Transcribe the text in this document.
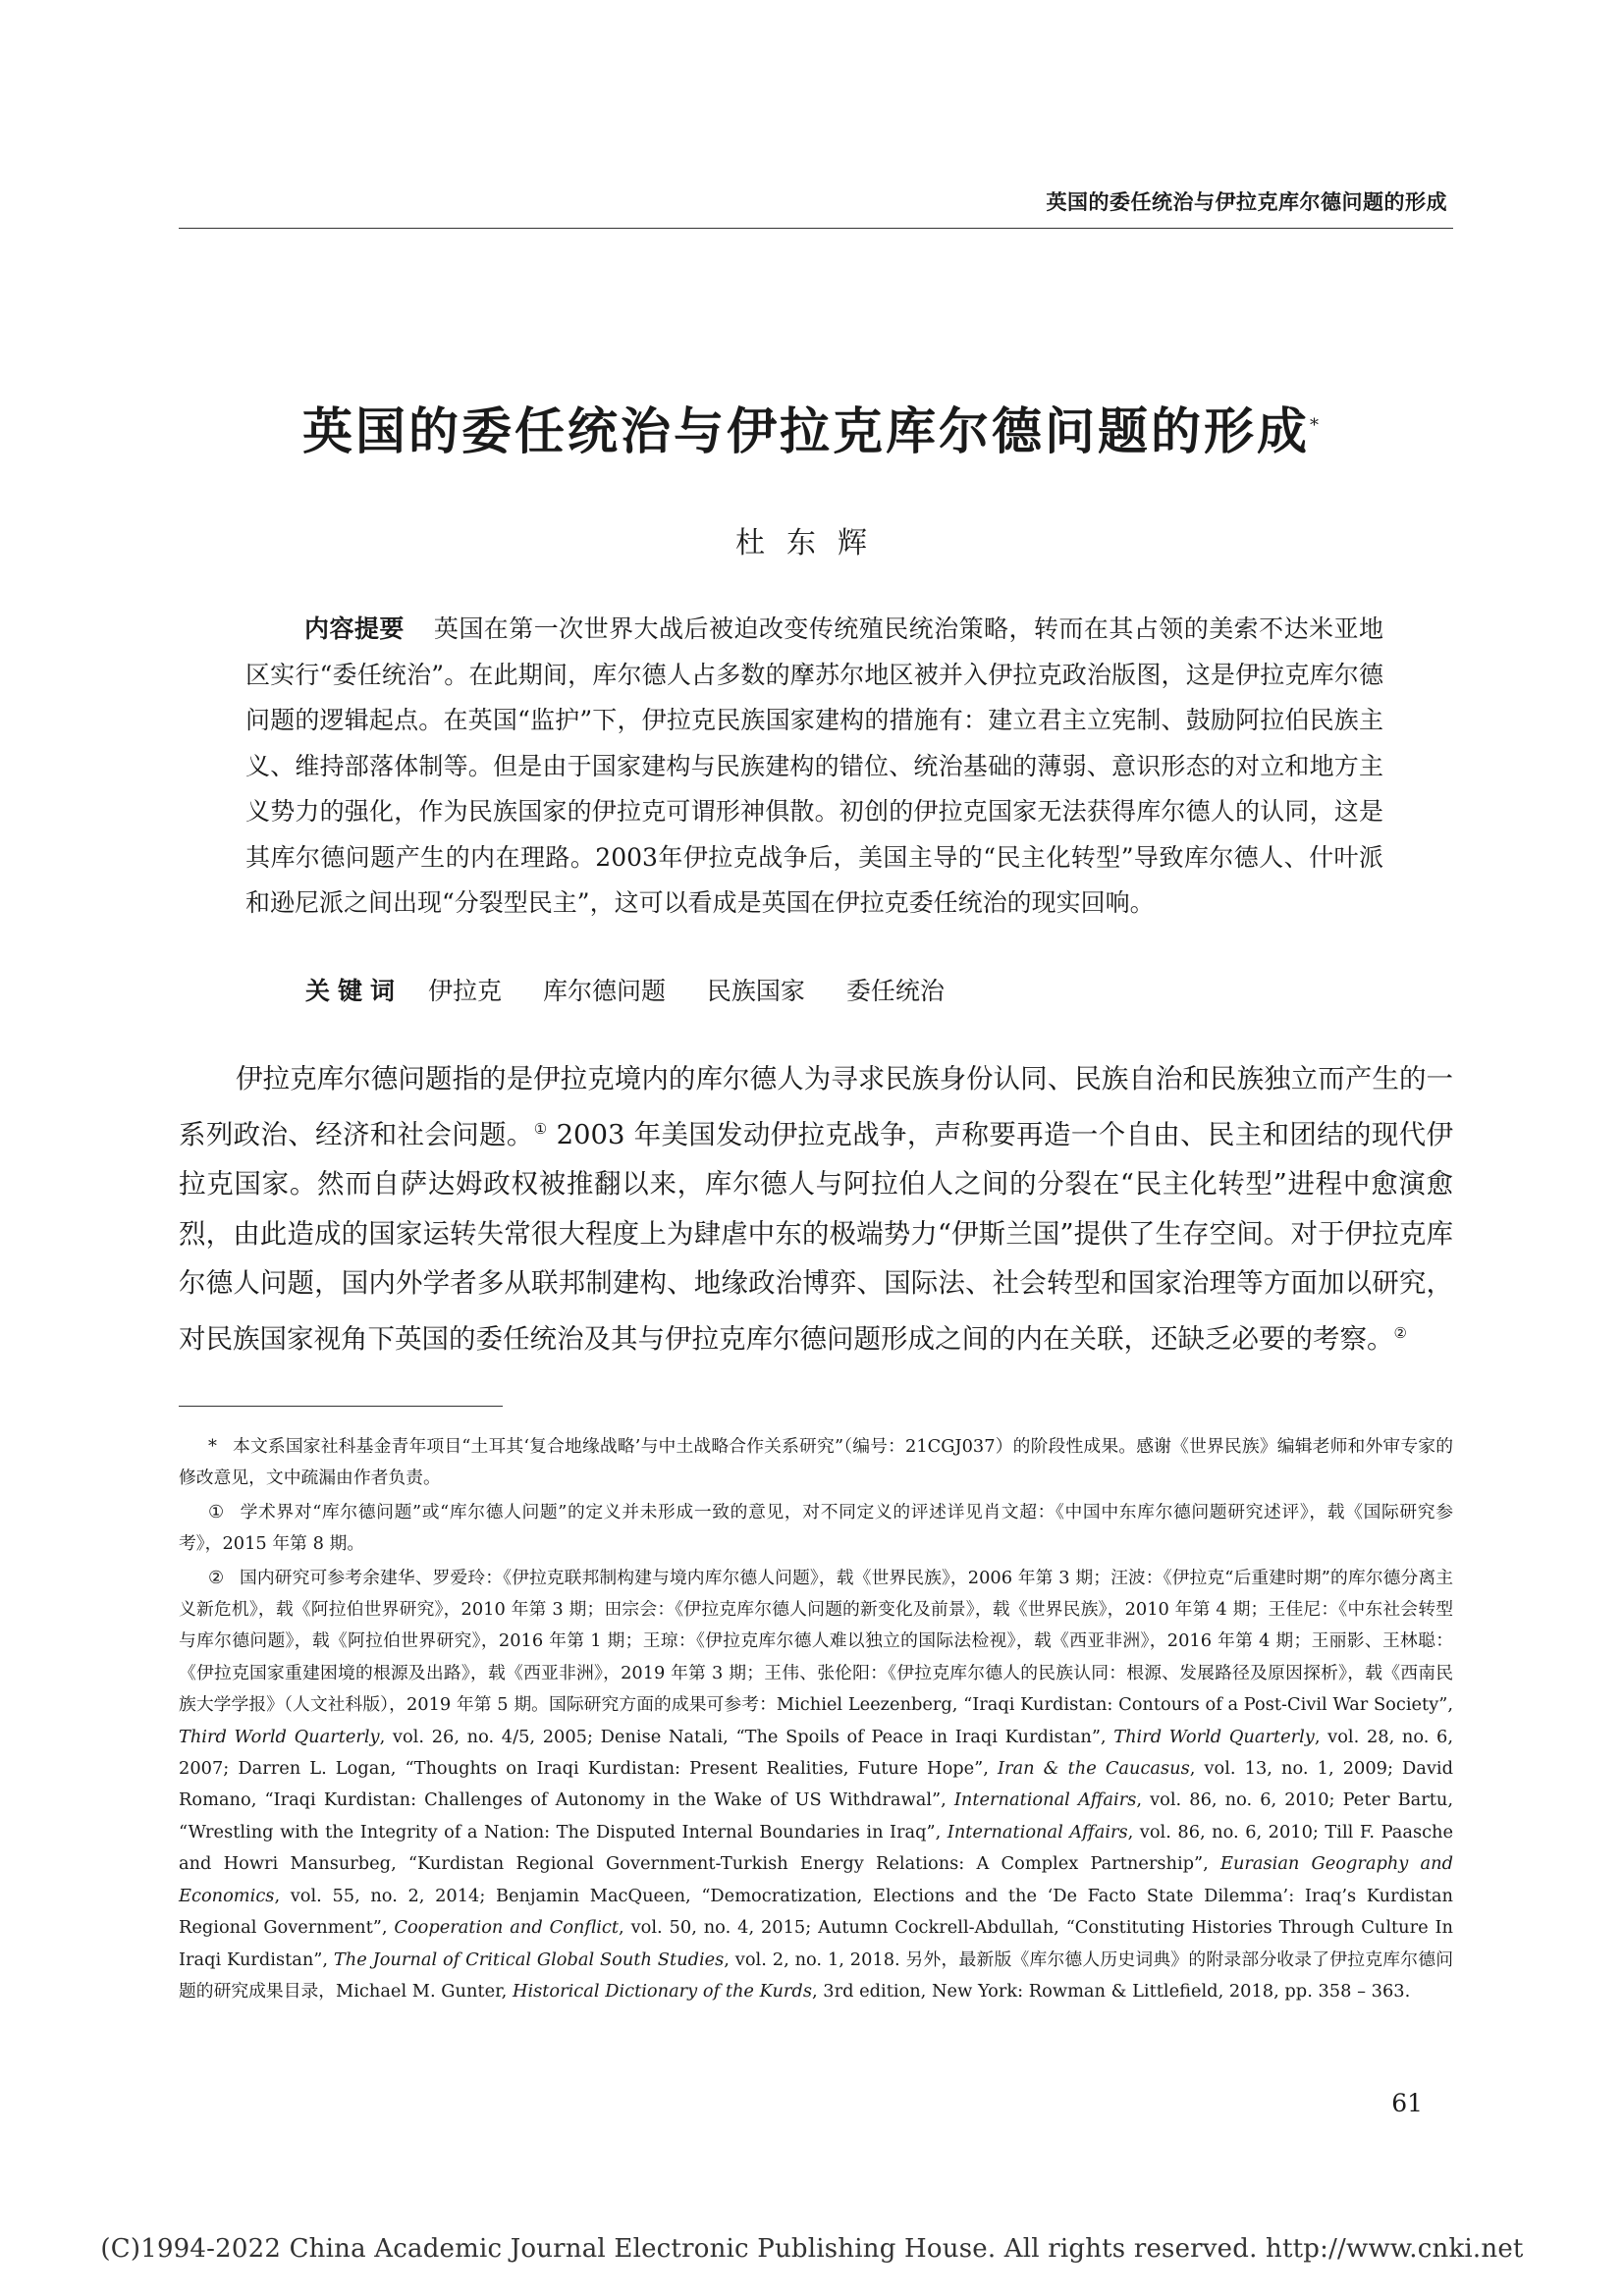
英国的委任统治与伊拉克库尔德问题的形成
英国的委任统治与伊拉克库尔德问题的形成*
杜东辉

内容提要 英国在第一次世界大战后被迫改变传统殖民统治策略，转而在其占领的美索不达米亚地区实行“委任统治”。在此期间，库尔德人占多数的摩苏尔地区被并入伊拉克政治版图，这是伊拉克库尔德问题的逻辑起点。在英国“监护”下，伊拉克民族国家建构的措施有：建立君主立宪制、鼓励阿拉伯民族主义、维持部落体制等。但是由于国家建构与民族建构的错位、统治基础的薄弱、意识形态的对立和地方主义势力的强化，作为民族国家的伊拉克可谓形神俱散。初创的伊拉克国家无法获得库尔德人的认同，这是其库尔德问题产生的内在理路。2003年伊拉克战争后，美国主导的“民主化转型”导致库尔德人、什叶派和逊尼派之间出现“分裂型民主”，这可以看成是英国在伊拉克委任统治的现实回响。

关键词 伊拉克 库尔德问题 民族国家 委任统治

伊拉克库尔德问题指的是伊拉克境内的库尔德人为寻求民族身份认同、民族自治和民族独立而产生的一系列政治、经济和社会问题。① 2003 年美国发动伊拉克战争，声称要再造一个自由、民主和团结的现代伊拉克国家。然而自萨达姆政权被推翻以来，库尔德人与阿拉伯人之间的分裂在“民主化转型”进程中愈演愈烈，由此造成的国家运转失常很大程度上为肆虐中东的极端势力“伊斯兰国”提供了生存空间。对于伊拉克库尔德人问题，国内外学者多从联邦制建构、地缘政治博弈、国际法、社会转型和国家治理等方面加以研究，对民族国家视角下英国的委任统治及其与伊拉克库尔德问题形成之间的内在关联，还缺乏必要的考察。②

* 本文系国家社科基金青年项目“土耳其‘复合地缘战略’与中土战略合作关系研究”（编号：21CGJ037）的阶段性成果。感谢《世界民族》编辑老师和外审专家的修改意见，文中疏漏由作者负责。

① 学术界对“库尔德问题”或“库尔德人问题”的定义并未形成一致的意见，对不同定义的评述详见肖文超：《中国中东库尔德问题研究述评》，载《国际研究参考》，2015 年第 8 期。

② 国内研究可参考余建华、罗爱玲：《伊拉克联邦制构建与境内库尔德人问题》，载《世界民族》，2006 年第 3 期；汪波：《伊拉克“后重建时期”的库尔德分离主义新危机》，载《阿拉伯世界研究》，2010 年第 3 期；田宗会：《伊拉克库尔德人问题的新变化及前景》，载《世界民族》，2010 年第 4 期；王佳尼：《中东社会转型与库尔德问题》，载《阿拉伯世界研究》，2016 年第 1 期；王琼：《伊拉克库尔德人难以独立的国际法检视》，载《西亚非洲》，2016 年第 4 期；王丽影、王林聪：《伊拉克国家重建困境的根源及出路》，载《西亚非洲》，2019 年第 3 期；王伟、张伦阳：《伊拉克库尔德人的民族认同：根源、发展路径及原因探析》，载《西南民族大学学报》（人文社科版），2019 年第 5 期。国际研究方面的成果可参考：Michiel Leezenberg, “Iraqi Kurdistan: Contours of a Post-Civil War Society”, Third World Quarterly, vol. 26, no. 4/5, 2005; Denise Natali, “The Spoils of Peace in Iraqi Kurdistan”, Third World Quarterly, vol. 28, no. 6, 2007; Darren L. Logan, “Thoughts on Iraqi Kurdistan: Present Realities, Future Hope”, Iran & the Caucasus, vol. 13, no. 1, 2009; David Romano, “Iraqi Kurdistan: Challenges of Autonomy in the Wake of US Withdrawal”, International Affairs, vol. 86, no. 6, 2010; Peter Bartu, “Wrestling with the Integrity of a Nation: The Disputed Internal Boundaries in Iraq”, International Affairs, vol. 86, no. 6, 2010; Till F. Paasche and Howri Mansurbeg, “Kurdistan Regional Government-Turkish Energy Relations: A Complex Partnership”, Eurasian Geography and Economics, vol. 55, no. 2, 2014; Benjamin MacQueen, “Democratization, Elections and the ‘De Facto State Dilemma’: Iraq’s Kurdistan Regional Government”, Cooperation and Conflict, vol. 50, no. 4, 2015; Autumn Cockrell-Abdullah, “Constituting Histories Through Culture In Iraqi Kurdistan”, The Journal of Critical Global South Studies, vol. 2, no. 1, 2018. 另外，最新版《库尔德人历史词典》的附录部分收录了伊拉克库尔德问题的研究成果目录，Michael M. Gunter, Historical Dictionary of the Kurds, 3rd edition, New York: Rowman & Littlefield, 2018, pp. 358 – 363.

61
(C)1994-2022 China Academic Journal Electronic Publishing House. All rights reserved. http://www.cnki.net
